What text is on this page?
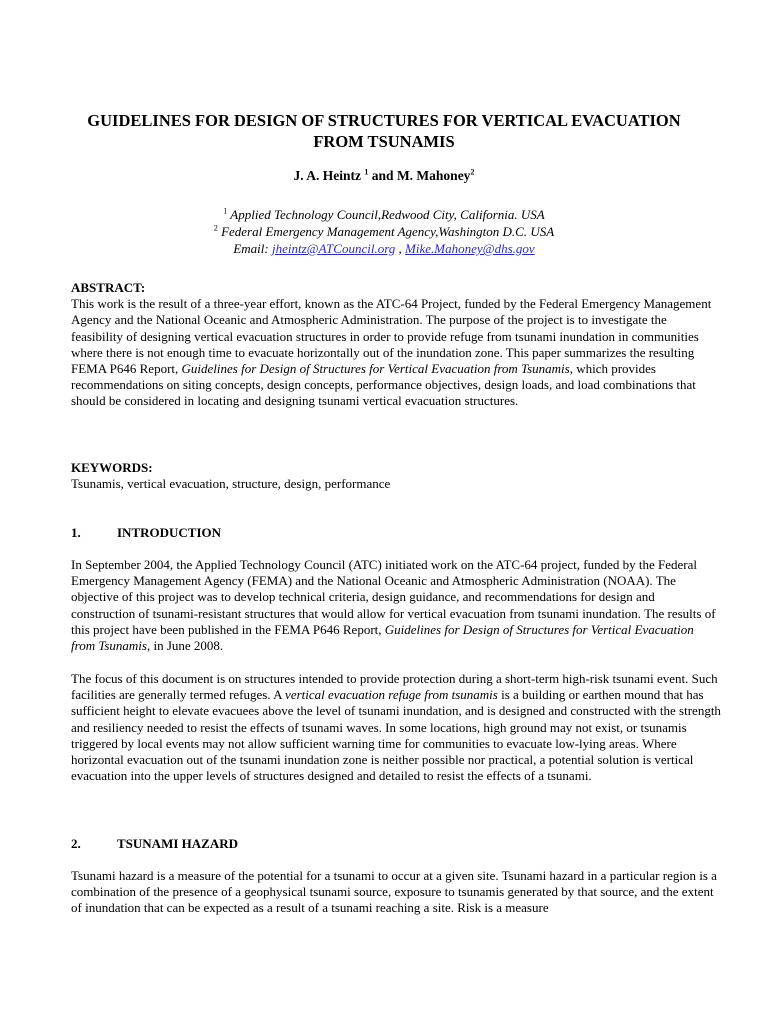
GUIDELINES FOR DESIGN OF STRUCTURES FOR VERTICAL EVACUATION
FROM TSUNAMIS
J. A. Heintz $^1$ and M. Mahoney$^2$
$^1$ Applied Technology Council,Redwood City, California. USA
$^2$ Federal Emergency Management Agency,Washington D.C. USA
Email: jheintz@ATCouncil.org , Mike.Mahoney@dhs.gov
ABSTRACT:

This work is the result of a three-year effort, known as the ATC-64 Project, funded by the Federal Emergency Management Agency and the National Oceanic and Atmospheric Administration. The purpose of the project is to investigate the feasibility of designing vertical evacuation structures in order to provide refuge from tsunami inundation in communities where there is not enough time to evacuate horizontally out of the inundation zone. This paper summarizes the resulting FEMA P646 Report, Guidelines for Design of Structures for Vertical Evacuation from Tsunamis, which provides recommendations on siting concepts, design concepts, performance objectives, design loads, and load combinations that should be considered in locating and designing tsunami vertical evacuation structures.

KEYWORDS:

Tsunamis, vertical evacuation, structure, design, performance

1.	INTRODUCTION

In September 2004, the Applied Technology Council (ATC) initiated work on the ATC-64 project, funded by the Federal Emergency Management Agency (FEMA) and the National Oceanic and Atmospheric Administration (NOAA). The objective of this project was to develop technical criteria, design guidance, and recommendations for design and construction of tsunami-resistant structures that would allow for vertical evacuation from tsunami inundation. The results of this project have been published in the FEMA P646 Report, Guidelines for Design of Structures for Vertical Evacuation from Tsunamis, in June 2008.

The focus of this document is on structures intended to provide protection during a short-term high-risk tsunami event. Such facilities are generally termed refuges. A vertical evacuation refuge from tsunamis is a building or earthen mound that has sufficient height to elevate evacuees above the level of tsunami inundation, and is designed and constructed with the strength and resiliency needed to resist the effects of tsunami waves. In some locations, high ground may not exist, or tsunamis triggered by local events may not allow sufficient warning time for communities to evacuate low-lying areas. Where horizontal evacuation out of the tsunami inundation zone is neither possible nor practical, a potential solution is vertical evacuation into the upper levels of structures designed and detailed to resist the effects of a tsunami.

2.	TSUNAMI HAZARD

Tsunami hazard is a measure of the potential for a tsunami to occur at a given site. Tsunami hazard in a particular region is a combination of the presence of a geophysical tsunami source, exposure to tsunamis generated by that source, and the extent of inundation that can be expected as a result of a tsunami reaching a site. Risk is a measure
